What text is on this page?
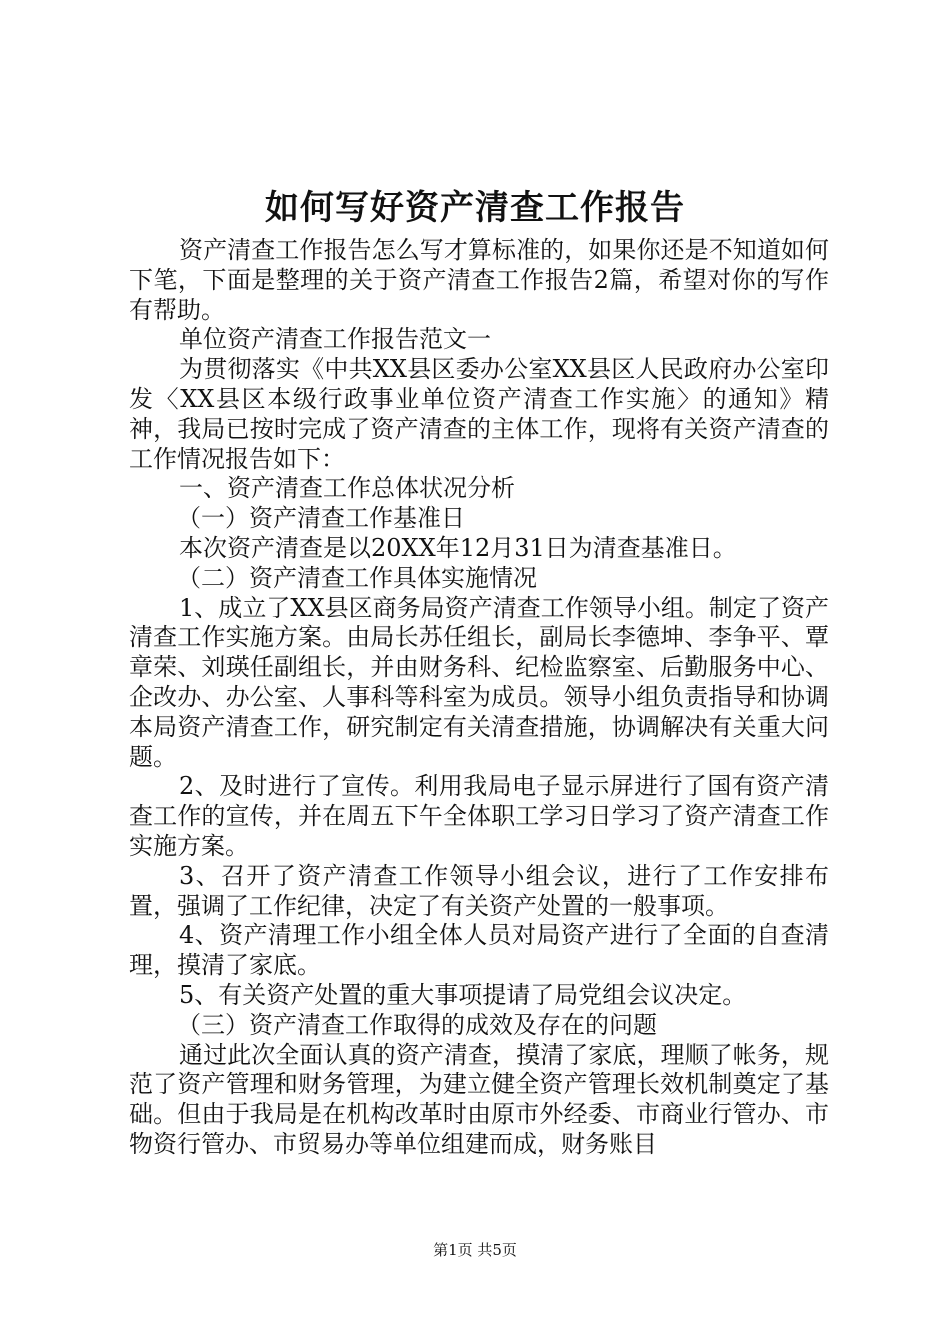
如何写好资产清查工作报告

资产清查工作报告怎么写才算标准的，如果你还是不知道如何下笔，下面是整理的关于资产清查工作报告2篇，希望对你的写作有帮助。

单位资产清查工作报告范文一

为贯彻落实《中共XX县区委办公室XX县区人民政府办公室印发〈XX县区本级行政事业单位资产清查工作实施〉的通知》精神，我局已按时完成了资产清查的主体工作，现将有关资产清查的工作情况报告如下：

一、资产清查工作总体状况分析

（一）资产清查工作基准日

本次资产清查是以20XX年12月31日为清查基准日。

（二）资产清查工作具体实施情况

1、成立了XX县区商务局资产清查工作领导小组。制定了资产清查工作实施方案。由局长苏任组长，副局长李德坤、李争平、覃章荣、刘瑛任副组长，并由财务科、纪检监察室、后勤服务中心、企改办、办公室、人事科等科室为成员。领导小组负责指导和协调本局资产清查工作，研究制定有关清查措施，协调解决有关重大问题。

2、及时进行了宣传。利用我局电子显示屏进行了国有资产清查工作的宣传，并在周五下午全体职工学习日学习了资产清查工作实施方案。

3、召开了资产清查工作领导小组会议，进行了工作安排布置，强调了工作纪律，决定了有关资产处置的一般事项。

4、资产清理工作小组全体人员对局资产进行了全面的自查清理，摸清了家底。

5、有关资产处置的重大事项提请了局党组会议决定。

（三）资产清查工作取得的成效及存在的问题

通过此次全面认真的资产清查，摸清了家底，理顺了帐务，规范了资产管理和财务管理，为建立健全资产管理长效机制奠定了基础。但由于我局是在机构改革时由原市外经委、市商业行管办、市物资行管办、市贸易办等单位组建而成，财务账目

第1页 共5页
